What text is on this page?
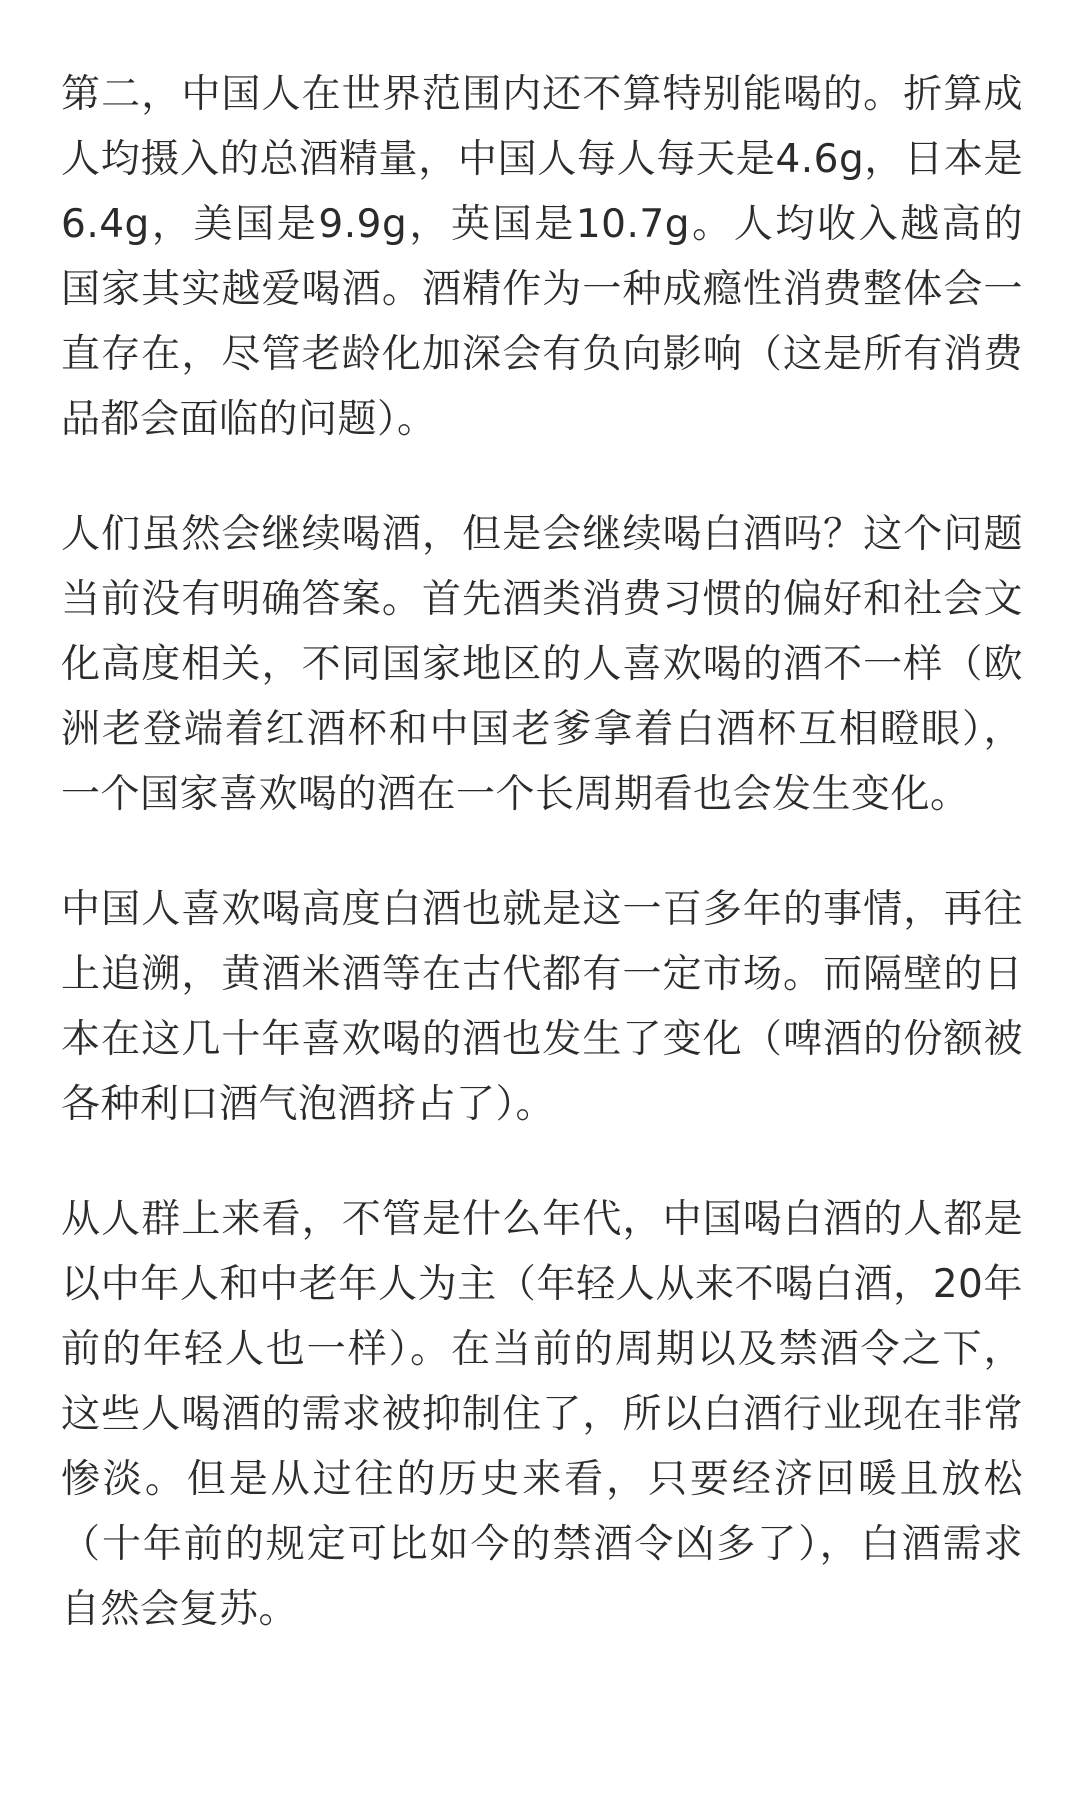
第二，中国人在世界范围内还不算特别能喝的。折算成人均摄入的总酒精量，中国人每人每天是4.6g，日本是6.4g，美国是9.9g，英国是10.7g。人均收入越高的国家其实越爱喝酒。酒精作为一种成瘾性消费整体会一直存在，尽管老龄化加深会有负向影响（这是所有消费品都会面临的问题）。

人们虽然会继续喝酒，但是会继续喝白酒吗？这个问题当前没有明确答案。首先酒类消费习惯的偏好和社会文化高度相关，不同国家地区的人喜欢喝的酒不一样（欧洲老登端着红酒杯和中国老爹拿着白酒杯互相瞪眼），一个国家喜欢喝的酒在一个长周期看也会发生变化。

中国人喜欢喝高度白酒也就是这一百多年的事情，再往上追溯，黄酒米酒等在古代都有一定市场。而隔壁的日本在这几十年喜欢喝的酒也发生了变化（啤酒的份额被各种利口酒气泡酒挤占了）。

从人群上来看，不管是什么年代，中国喝白酒的人都是以中年人和中老年人为主（年轻人从来不喝白酒，20年前的年轻人也一样）。在当前的周期以及禁酒令之下，这些人喝酒的需求被抑制住了，所以白酒行业现在非常惨淡。但是从过往的历史来看，只要经济回暖且放松（十年前的规定可比如今的禁酒令凶多了），白酒需求自然会复苏。
